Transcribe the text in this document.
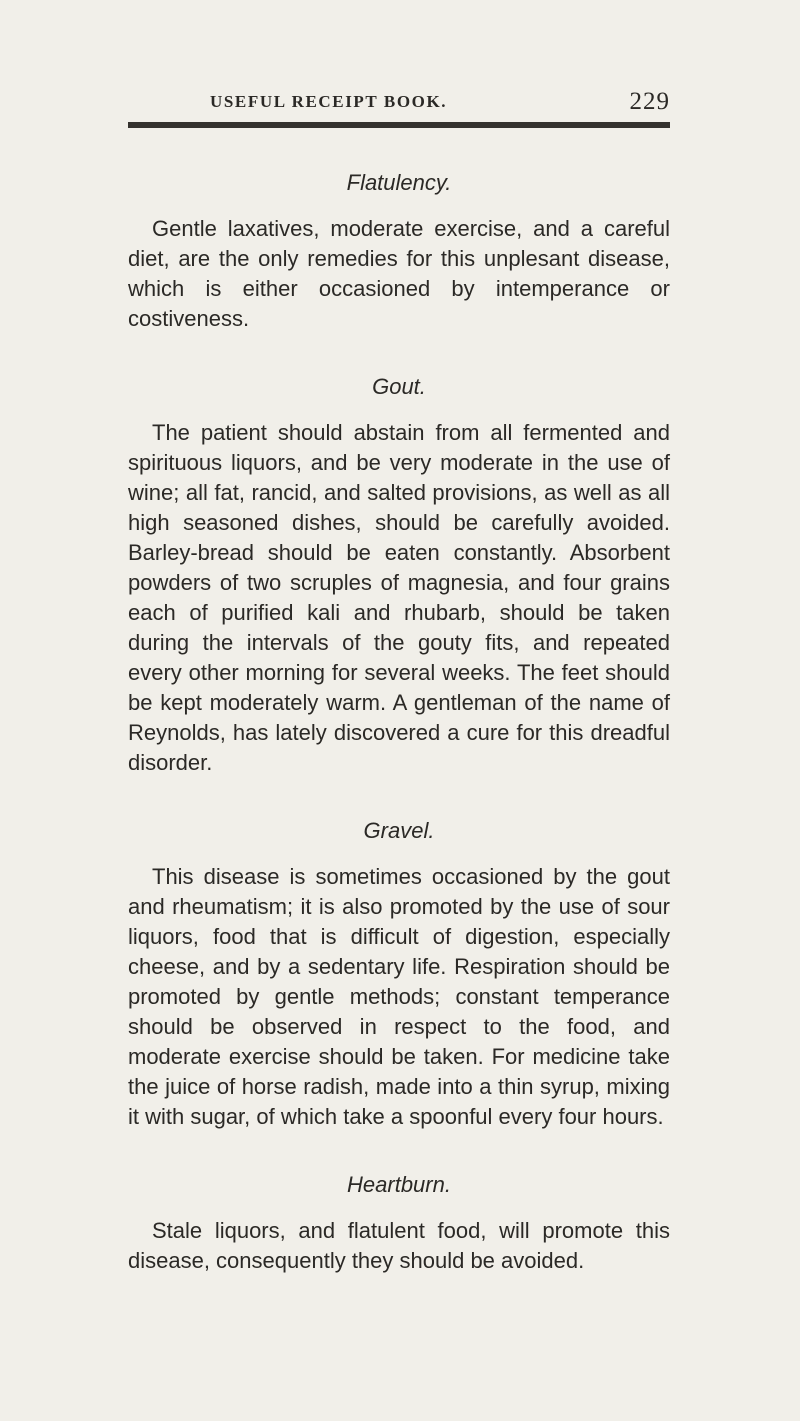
USEFUL RECEIPT BOOK.	229
Flatulency.

Gentle laxatives, moderate exercise, and a careful diet, are the only remedies for this unplesant disease, which is either occasioned by intemperance or costiveness.

Gout.

The patient should abstain from all fermented and spirituous liquors, and be very moderate in the use of wine; all fat, rancid, and salted provisions, as well as all high seasoned dishes, should be carefully avoided. Barley-bread should be eaten constantly. Absorbent powders of two scruples of magnesia, and four grains each of purified kali and rhubarb, should be taken during the intervals of the gouty fits, and repeated every other morning for several weeks. The feet should be kept moderately warm. A gentleman of the name of Reynolds, has lately discovered a cure for this dreadful disorder.

Gravel.

This disease is sometimes occasioned by the gout and rheumatism; it is also promoted by the use of sour liquors, food that is difficult of digestion, especially cheese, and by a sedentary life. Respiration should be promoted by gentle methods; constant temperance should be observed in respect to the food, and moderate exercise should be taken. For medicine take the juice of horse radish, made into a thin syrup, mixing it with sugar, of which take a spoonful every four hours.

Heartburn.

Stale liquors, and flatulent food, will promote this disease, consequently they should be avoided.
